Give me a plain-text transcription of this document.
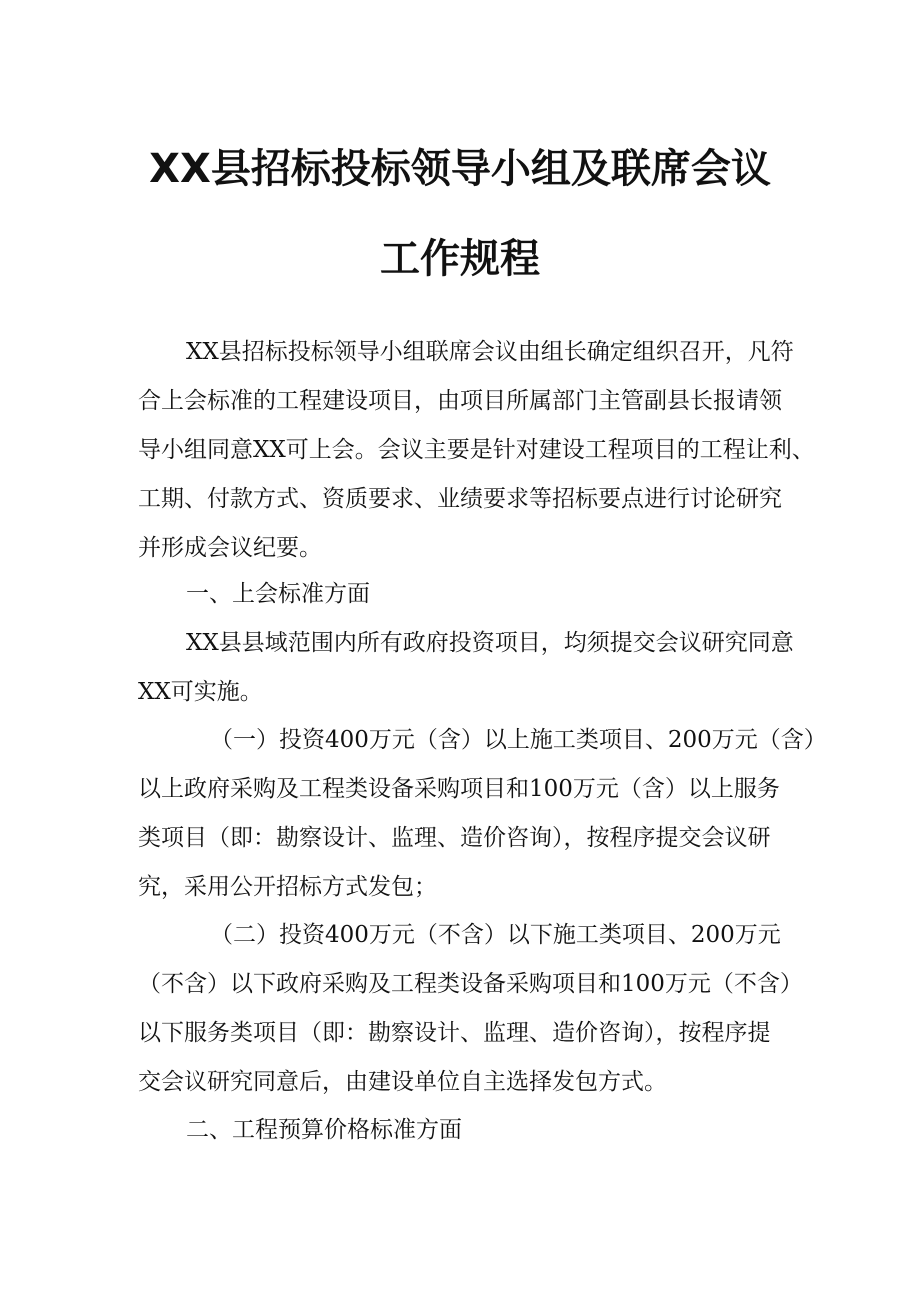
XX县招标投标领导小组及联席会议
工作规程
XX县招标投标领导小组联席会议由组长确定组织召开，凡符
合上会标准的工程建设项目，由项目所属部门主管副县长报请领
导小组同意XX可上会。会议主要是针对建设工程项目的工程让利、
工期、付款方式、资质要求、业绩要求等招标要点进行讨论研究
并形成会议纪要。
一、上会标准方面
XX县县域范围内所有政府投资项目，均须提交会议研究同意
XX可实施。
（一）投资400万元（含）以上施工类项目、200万元（含）
以上政府采购及工程类设备采购项目和100万元（含）以上服务
类项目（即：勘察设计、监理、造价咨询），按程序提交会议研
究，采用公开招标方式发包；
（二）投资400万元（不含）以下施工类项目、200万元
（不含）以下政府采购及工程类设备采购项目和100万元（不含）
以下服务类项目（即：勘察设计、监理、造价咨询），按程序提
交会议研究同意后，由建设单位自主选择发包方式。
二、工程预算价格标准方面
